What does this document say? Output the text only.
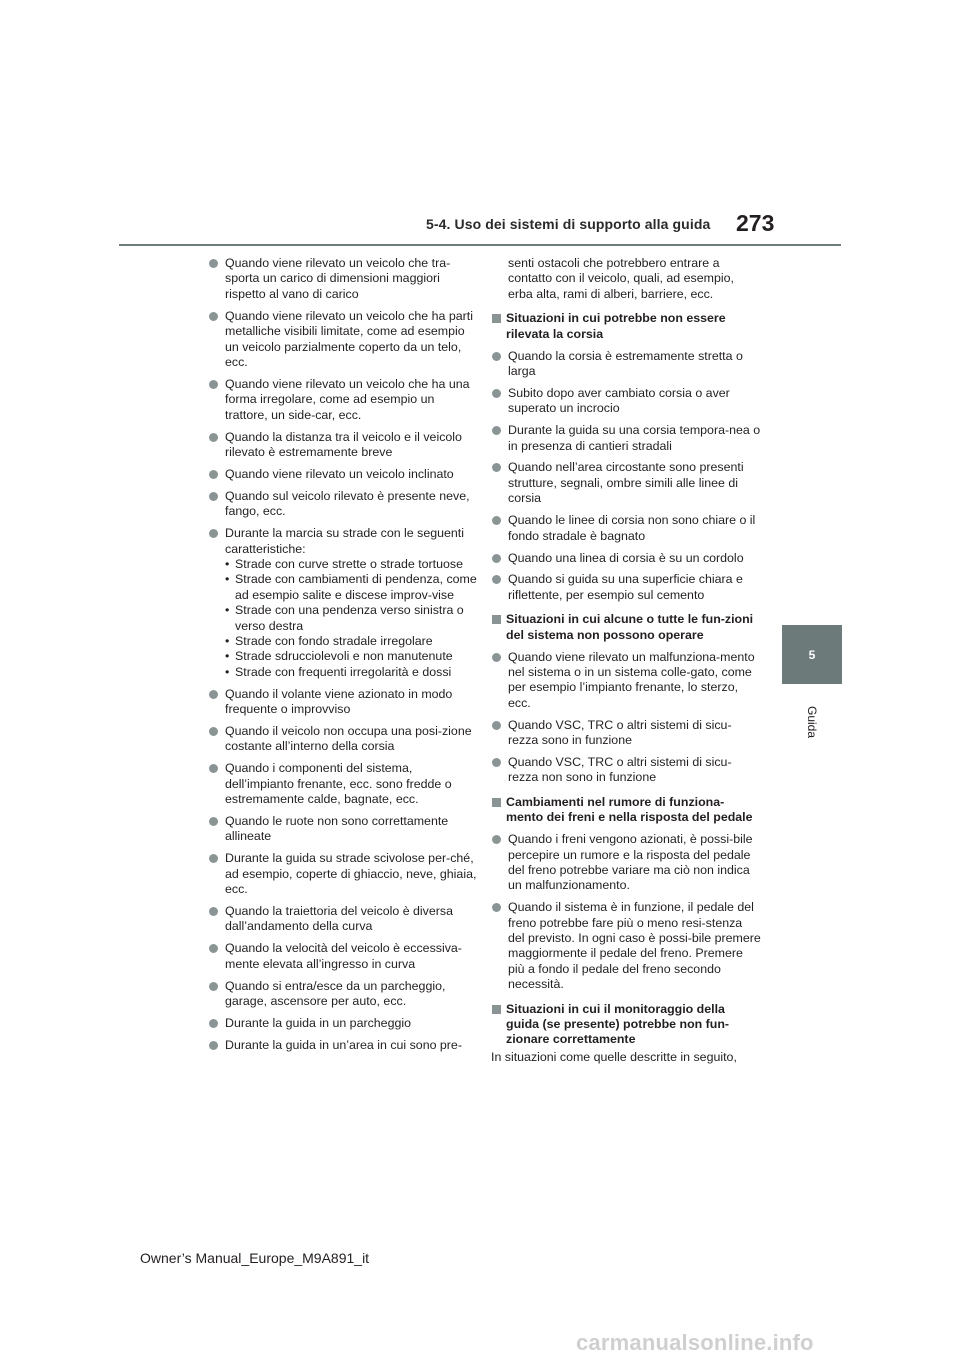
5-4. Uso dei sistemi di supporto alla guida	273
5
Guida
Quando viene rilevato un veicolo che tra-sporta un carico di dimensioni maggiori rispetto al vano di carico
Quando viene rilevato un veicolo che ha parti metalliche visibili limitate, come ad esempio un veicolo parzialmente coperto da un telo, ecc.
Quando viene rilevato un veicolo che ha una forma irregolare, come ad esempio un trattore, un side-car, ecc.
Quando la distanza tra il veicolo e il veicolo rilevato è estremamente breve
Quando viene rilevato un veicolo inclinato
Quando sul veicolo rilevato è presente neve, fango, ecc.
Durante la marcia su strade con le seguenti caratteristiche:
• Strade con curve strette o strade tortuose
• Strade con cambiamenti di pendenza, come ad esempio salite e discese improv-vise
• Strade con una pendenza verso sinistra o verso destra
• Strade con fondo stradale irregolare
• Strade sdrucciolevoli e non manutenute
• Strade con frequenti irregolarità e dossi
Quando il volante viene azionato in modo frequente o improvviso
Quando il veicolo non occupa una posi-zione costante all’interno della corsia
Quando i componenti del sistema, dell’impianto frenante, ecc. sono fredde o estremamente calde, bagnate, ecc.
Quando le ruote non sono correttamente allineate
Durante la guida su strade scivolose per-ché, ad esempio, coperte di ghiaccio, neve, ghiaia, ecc.
Quando la traiettoria del veicolo è diversa dall’andamento della curva
Quando la velocità del veicolo è eccessiva-mente elevata all’ingresso in curva
Quando si entra/esce da un parcheggio, garage, ascensore per auto, ecc.
Durante la guida in un parcheggio
Durante la guida in un’area in cui sono pre-
senti ostacoli che potrebbero entrare a contatto con il veicolo, quali, ad esempio, erba alta, rami di alberi, barriere, ecc.
Situazioni in cui potrebbe non essere rilevata la corsia
Quando la corsia è estremamente stretta o larga
Subito dopo aver cambiato corsia o aver superato un incrocio
Durante la guida su una corsia tempora-nea o in presenza di cantieri stradali
Quando nell’area circostante sono presenti strutture, segnali, ombre simili alle linee di corsia
Quando le linee di corsia non sono chiare o il fondo stradale è bagnato
Quando una linea di corsia è su un cordolo
Quando si guida su una superficie chiara e riflettente, per esempio sul cemento
Situazioni in cui alcune o tutte le fun-zioni del sistema non possono operare
Quando viene rilevato un malfunziona-mento nel sistema o in un sistema colle-gato, come per esempio l’impianto frenante, lo sterzo, ecc.
Quando VSC, TRC o altri sistemi di sicu-rezza sono in funzione
Quando VSC, TRC o altri sistemi di sicu-rezza non sono in funzione
Cambiamenti nel rumore di funziona-mento dei freni e nella risposta del pedale
Quando i freni vengono azionati, è possi-bile percepire un rumore e la risposta del pedale del freno potrebbe variare ma ciò non indica un malfunzionamento.
Quando il sistema è in funzione, il pedale del freno potrebbe fare più o meno resi-stenza del previsto. In ogni caso è possi-bile premere maggiormente il pedale del freno. Premere più a fondo il pedale del freno secondo necessità.
Situazioni in cui il monitoraggio della guida (se presente) potrebbe non fun-zionare correttamente

In situazioni come quelle descritte in seguito,

Owner’s Manual_Europe_M9A891_it
carmanualsonline.info
